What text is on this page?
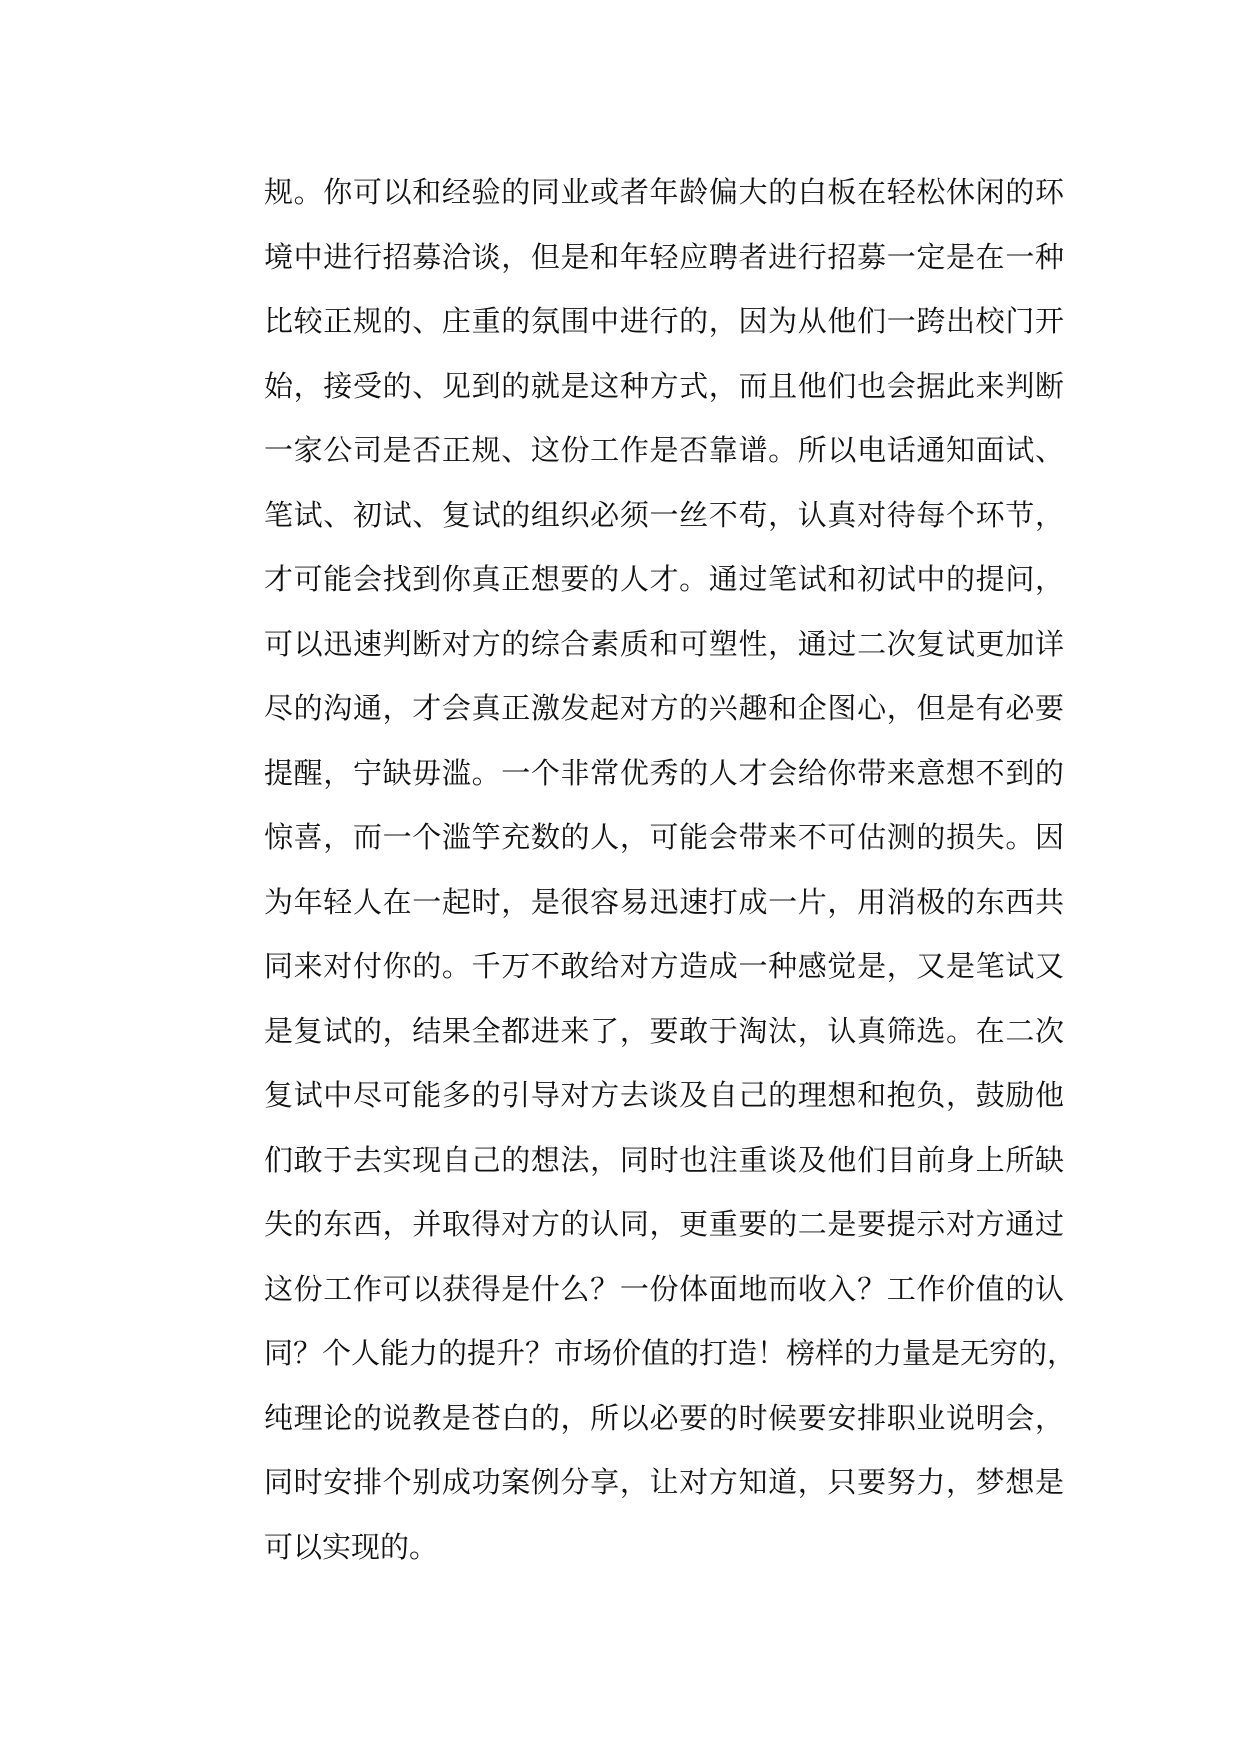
规。你可以和经验的同业或者年龄偏大的白板在轻松休闲的环
境中进行招募洽谈，但是和年轻应聘者进行招募一定是在一种
比较正规的、庄重的氛围中进行的，因为从他们一跨出校门开
始，接受的、见到的就是这种方式，而且他们也会据此来判断
一家公司是否正规、这份工作是否靠谱。所以电话通知面试、
笔试、初试、复试的组织必须一丝不苟，认真对待每个环节，
才可能会找到你真正想要的人才。通过笔试和初试中的提问，
可以迅速判断对方的综合素质和可塑性，通过二次复试更加详
尽的沟通，才会真正激发起对方的兴趣和企图心，但是有必要
提醒，宁缺毋滥。一个非常优秀的人才会给你带来意想不到的
惊喜，而一个滥竽充数的人，可能会带来不可估测的损失。因
为年轻人在一起时，是很容易迅速打成一片，用消极的东西共
同来对付你的。千万不敢给对方造成一种感觉是，又是笔试又
是复试的，结果全都进来了，要敢于淘汰，认真筛选。在二次
复试中尽可能多的引导对方去谈及自己的理想和抱负，鼓励他
们敢于去实现自己的想法，同时也注重谈及他们目前身上所缺
失的东西，并取得对方的认同，更重要的二是要提示对方通过
这份工作可以获得是什么？一份体面地而收入？工作价值的认
同？个人能力的提升？市场价值的打造！榜样的力量是无穷的，
纯理论的说教是苍白的，所以必要的时候要安排职业说明会，
同时安排个别成功案例分享，让对方知道，只要努力，梦想是
可以实现的。
